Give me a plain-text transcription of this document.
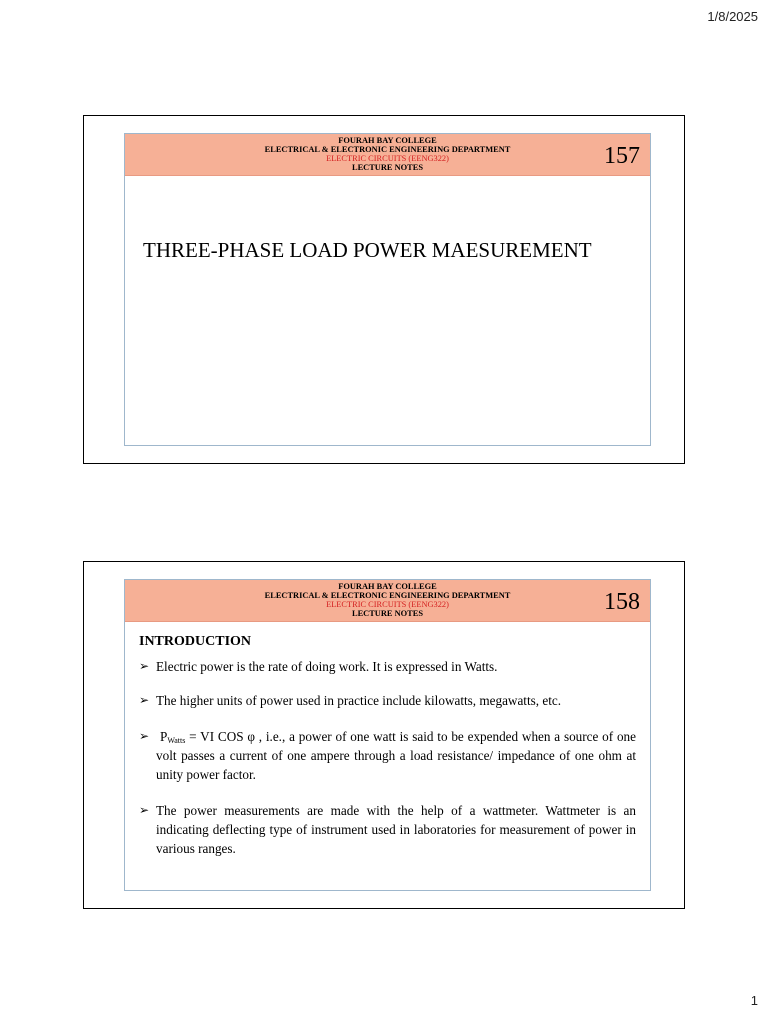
1/8/2025
FOURAH BAY COLLEGE
ELECTRICAL & ELECTRONIC ENGINEERING DEPARTMENT
ELECTRIC CIRCUITS (EENG322)
LECTURE NOTES	157
THREE-PHASE LOAD POWER MAESUREMENT
FOURAH BAY COLLEGE
ELECTRICAL & ELECTRONIC ENGINEERING DEPARTMENT
ELECTRIC CIRCUITS (EENG322)
LECTURE NOTES	158
INTRODUCTION
➢ Electric power is the rate of doing work. It is expressed in Watts.
➢ The higher units of power used in practice include kilowatts, megawatts, etc.
➢ $P_{Watts}$ = VI COS φ , i.e., a power of one watt is said to be expended when a source of one volt passes a current of one ampere through a load resistance/ impedance of one ohm at unity power factor.
➢ The power measurements are made with the help of a wattmeter. Wattmeter is an indicating deflecting type of instrument used in laboratories for measurement of power in various ranges.
1
